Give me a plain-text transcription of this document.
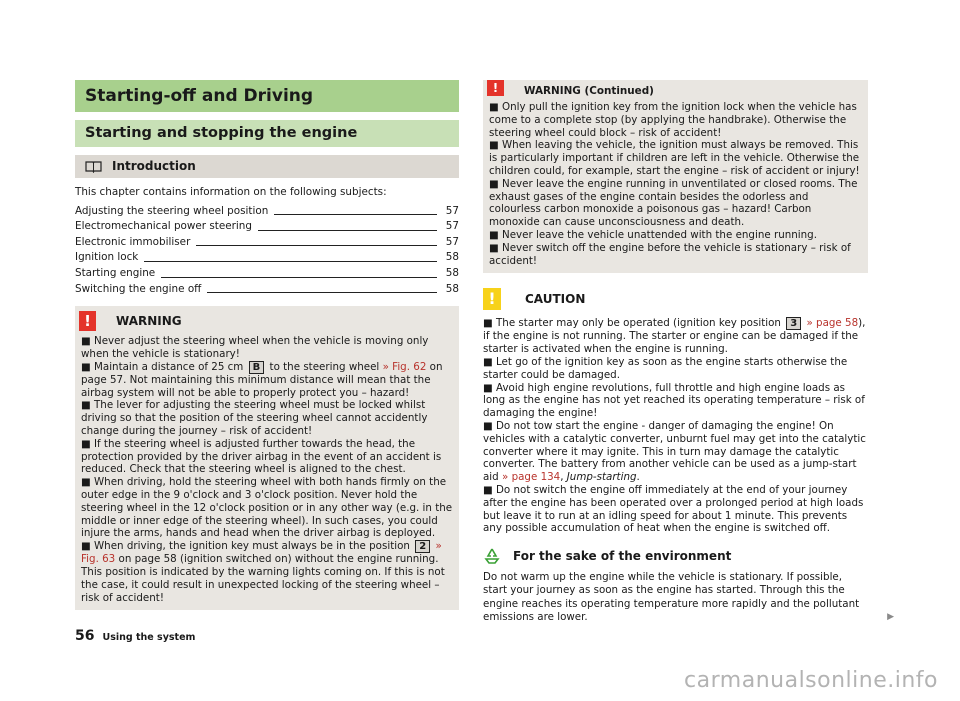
Starting-off and Driving
Starting and stopping the engine
Introduction

This chapter contains information on the following subjects:

Adjusting the steering wheel position	57
Electromechanical power steering	57
Electronic immobiliser	57
Ignition lock	58
Starting engine	58
Switching the engine off	58
!	WARNING

■ Never adjust the steering wheel when the vehicle is moving only when the vehicle is stationary!

■ Maintain a distance of 25 cm B to the steering wheel » Fig. 62 on page 57. Not maintaining this minimum distance will mean that the airbag system will not be able to properly protect you – hazard!

■ The lever for adjusting the steering wheel must be locked whilst driving so that the position of the steering wheel cannot accidently change during the journey – risk of accident!

■ If the steering wheel is adjusted further towards the head, the protection provided by the driver airbag in the event of an accident is reduced. Check that the steering wheel is aligned to the chest.

■ When driving, hold the steering wheel with both hands firmly on the outer edge in the 9 o'clock and 3 o'clock position. Never hold the steering wheel in the 12 o'clock position or in any other way (e.g. in the middle or inner edge of the steering wheel). In such cases, you could injure the arms, hands and head when the driver airbag is deployed.

■ When driving, the ignition key must always be in the position 2 » Fig. 63 on page 58 (ignition switched on) without the engine running. This position is indicated by the warning lights coming on. If this is not the case, it could result in unexpected locking of the steering wheel – risk of accident!

!	WARNING (Continued)

■ Only pull the ignition key from the ignition lock when the vehicle has come to a complete stop (by applying the handbrake). Otherwise the steering wheel could block – risk of accident!

■ When leaving the vehicle, the ignition must always be removed. This is particularly important if children are left in the vehicle. Otherwise the children could, for example, start the engine – risk of accident or injury!

■ Never leave the engine running in unventilated or closed rooms. The exhaust gases of the engine contain besides the odorless and colourless carbon monoxide a poisonous gas – hazard! Carbon monoxide can cause unconsciousness and death.

■ Never leave the vehicle unattended with the engine running.

■ Never switch off the engine before the vehicle is stationary – risk of accident!

!	CAUTION

■ The starter may only be operated (ignition key position 3 » page 58), if the engine is not running. The starter or engine can be damaged if the starter is activated when the engine is running.

■ Let go of the ignition key as soon as the engine starts otherwise the starter could be damaged.

■ Avoid high engine revolutions, full throttle and high engine loads as long as the engine has not yet reached its operating temperature – risk of damaging the engine!

■ Do not tow start the engine - danger of damaging the engine! On vehicles with a catalytic converter, unburnt fuel may get into the catalytic converter where it may ignite. This in turn may damage the catalytic converter. The battery from another vehicle can be used as a jump-start aid » page 134, Jump-starting.

■ Do not switch the engine off immediately at the end of your journey after the engine has been operated over a prolonged period at high loads but leave it to run at an idling speed for about 1 minute. This prevents any possible accumulation of heat when the engine is switched off.

For the sake of the environment

Do not warm up the engine while the vehicle is stationary. If possible, start your journey as soon as the engine has started. Through this the engine reaches its operating temperature more rapidly and the pollutant emissions are lower.	▶
56 Using the system
carmanualsonline.info
